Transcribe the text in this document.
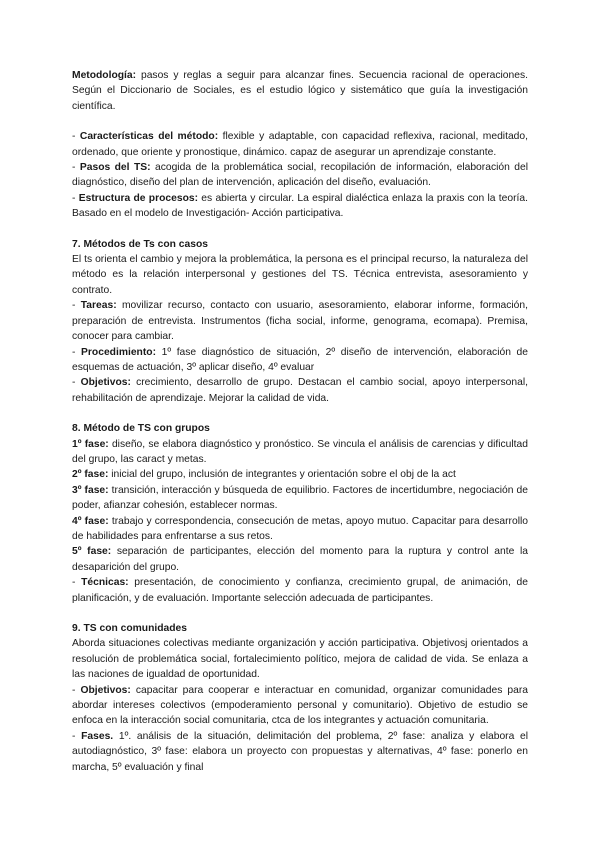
Metodología: pasos y reglas a seguir para alcanzar fines. Secuencia racional de operaciones. Según el Diccionario de Sociales, es el estudio lógico y sistemático que guía la investigación científica.

- Características del método: flexible y adaptable, con capacidad reflexiva, racional, meditado, ordenado, que oriente y pronostique, dinámico. capaz de asegurar un aprendizaje constante.

- Pasos del TS: acogida de la problemática social, recopilación de información, elaboración del diagnóstico, diseño del plan de intervención, aplicación del diseño, evaluación.

- Estructura de procesos: es abierta y circular. La espiral dialéctica enlaza la praxis con la teoría. Basado en el modelo de Investigación- Acción participativa.

7. Métodos de Ts con casos

El ts orienta el cambio y mejora la problemática, la persona es el principal recurso, la naturaleza del método es la relación interpersonal y gestiones del TS. Técnica entrevista, asesoramiento y contrato.

- Tareas: movilizar recurso, contacto con usuario, asesoramiento, elaborar informe, formación, preparación de entrevista. Instrumentos (ficha social, informe, genograma, ecomapa). Premisa, conocer para cambiar.

- Procedimiento: 1º fase diagnóstico de situación, 2º diseño de intervención, elaboración de esquemas de actuación, 3º aplicar diseño, 4º evaluar

- Objetivos: crecimiento, desarrollo de grupo. Destacan el cambio social, apoyo interpersonal, rehabilitación de aprendizaje. Mejorar la calidad de vida.

8. Método de TS con grupos

1º fase: diseño, se elabora diagnóstico y pronóstico. Se vincula el análisis de carencias y dificultad del grupo, las caract y metas.

2º fase: inicial del grupo, inclusión de integrantes y orientación sobre el obj de la act

3º fase: transición, interacción y búsqueda de equilibrio. Factores de incertidumbre, negociación de poder, afianzar cohesión, establecer normas.

4º fase: trabajo y correspondencia, consecución de metas, apoyo mutuo. Capacitar para desarrollo de habilidades para enfrentarse a sus retos.

5º fase: separación de participantes, elección del momento para la ruptura y control ante la desaparición del grupo.

- Técnicas: presentación, de conocimiento y confianza, crecimiento grupal, de animación, de planificación, y de evaluación. Importante selección adecuada de participantes.

9. TS con comunidades

Aborda situaciones colectivas mediante organización y acción participativa. Objetivosj orientados a resolución de problemática social, fortalecimiento político, mejora de calidad de vida. Se enlaza a las naciones de igualdad de oportunidad.

- Objetivos: capacitar para cooperar e interactuar en comunidad, organizar comunidades para abordar intereses colectivos (empoderamiento personal y comunitario). Objetivo de estudio se enfoca en la interacción social comunitaria, ctca de los integrantes y actuación comunitaria.

- Fases. 1º. análisis de la situación, delimitación del problema, 2º fase: analiza y elabora el autodiagnóstico, 3º fase: elabora un proyecto con propuestas y alternativas, 4º fase: ponerlo en marcha, 5º evaluación y final
